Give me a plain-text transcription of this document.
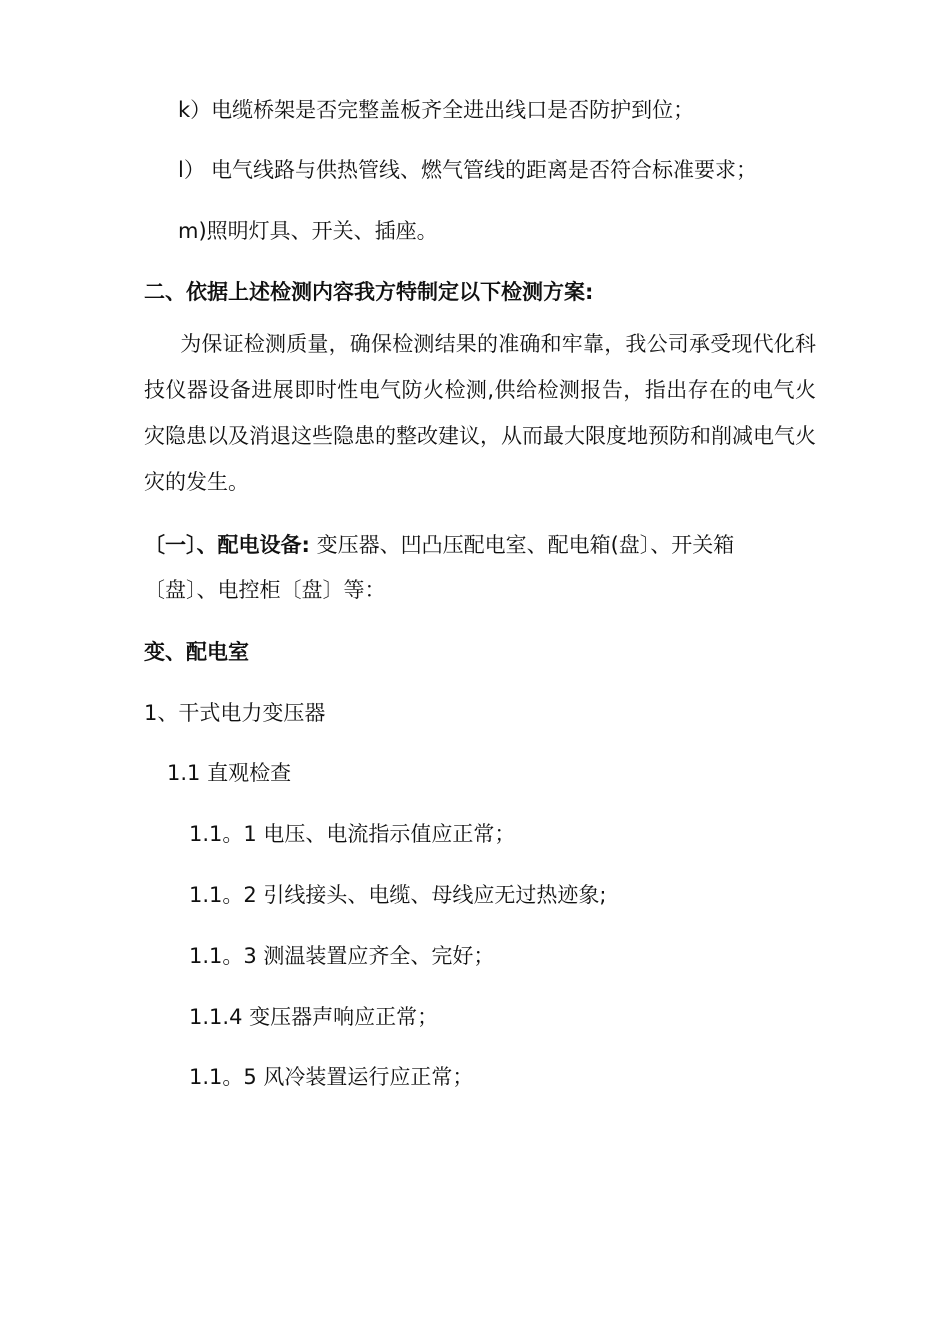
k）电缆桥架是否完整盖板齐全进出线口是否防护到位；
l） 电气线路与供热管线、燃气管线的距离是否符合标准要求；
m)照明灯具、开关、插座。
二、依据上述检测内容我方特制定以下检测方案:
为保证检测质量，确保检测结果的准确和牢靠，我公司承受现代化科技仪器设备进展即时性电气防火检测,供给检测报告，指出存在的电气火灾隐患以及消退这些隐患的整改建议，从而最大限度地预防和削减电气火灾的发生。
〔一〕、配电设备: 变压器、凹凸压配电室、配电箱(盘〕、开关箱
〔盘〕、电控柜〔盘〕等：
变、配电室
1、干式电力变压器
1.1 直观检查
1.1。1 电压、电流指示值应正常；
1.1。2 引线接头、电缆、母线应无过热迹象;
1.1。3 测温装置应齐全、完好；
1.1.4 变压器声响应正常；
1.1。5 风冷装置运行应正常；
